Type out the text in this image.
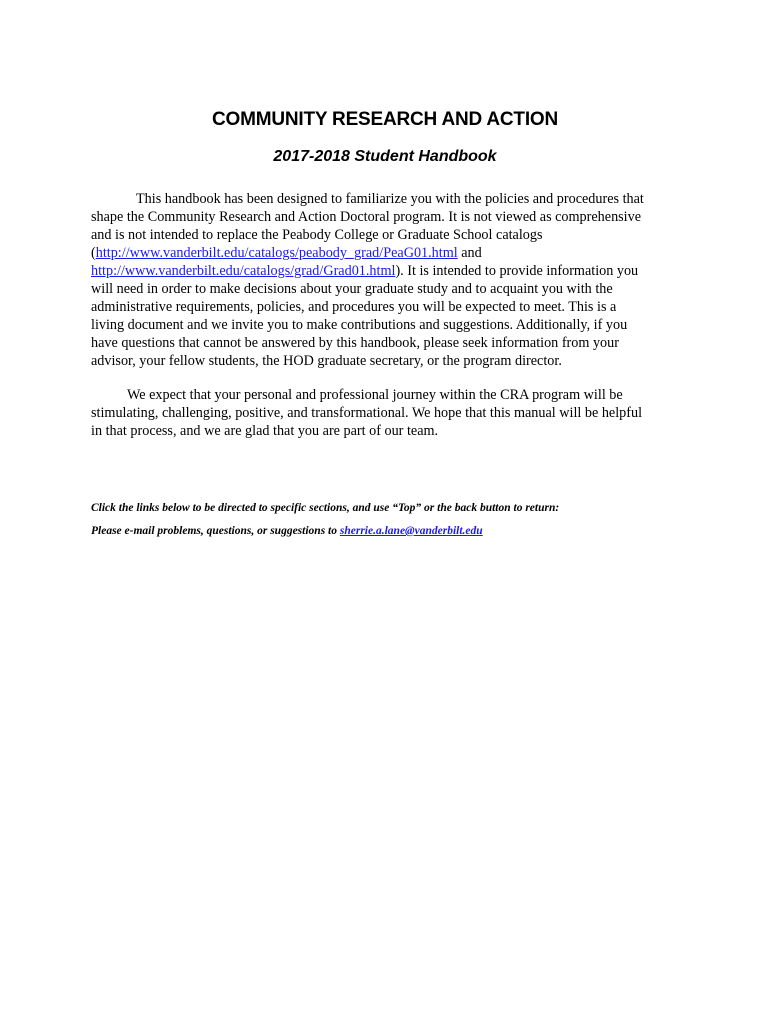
COMMUNITY RESEARCH AND ACTION
2017-2018 Student Handbook
This handbook has been designed to familiarize you with the policies and procedures that
shape the Community Research and Action Doctoral program. It is not viewed as comprehensive
and is not intended to replace the Peabody College or Graduate School catalogs
(http://www.vanderbilt.edu/catalogs/peabody_grad/PeaG01.html and
http://www.vanderbilt.edu/catalogs/grad/Grad01.html). It is intended to provide information you
will need in order to make decisions about your graduate study and to acquaint you with the
administrative requirements, policies, and procedures you will be expected to meet. This is a
living document and we invite you to make contributions and suggestions. Additionally, if you
have questions that cannot be answered by this handbook, please seek information from your
advisor, your fellow students, the HOD graduate secretary, or the program director.
We expect that your personal and professional journey within the CRA program will be
stimulating, challenging, positive, and transformational. We hope that this manual will be helpful
in that process, and we are glad that you are part of our team.

Click the links below to be directed to specific sections, and use “Top” or the back button to return:

Please e-mail problems, questions, or suggestions to sherrie.a.lane@vanderbilt.edu
